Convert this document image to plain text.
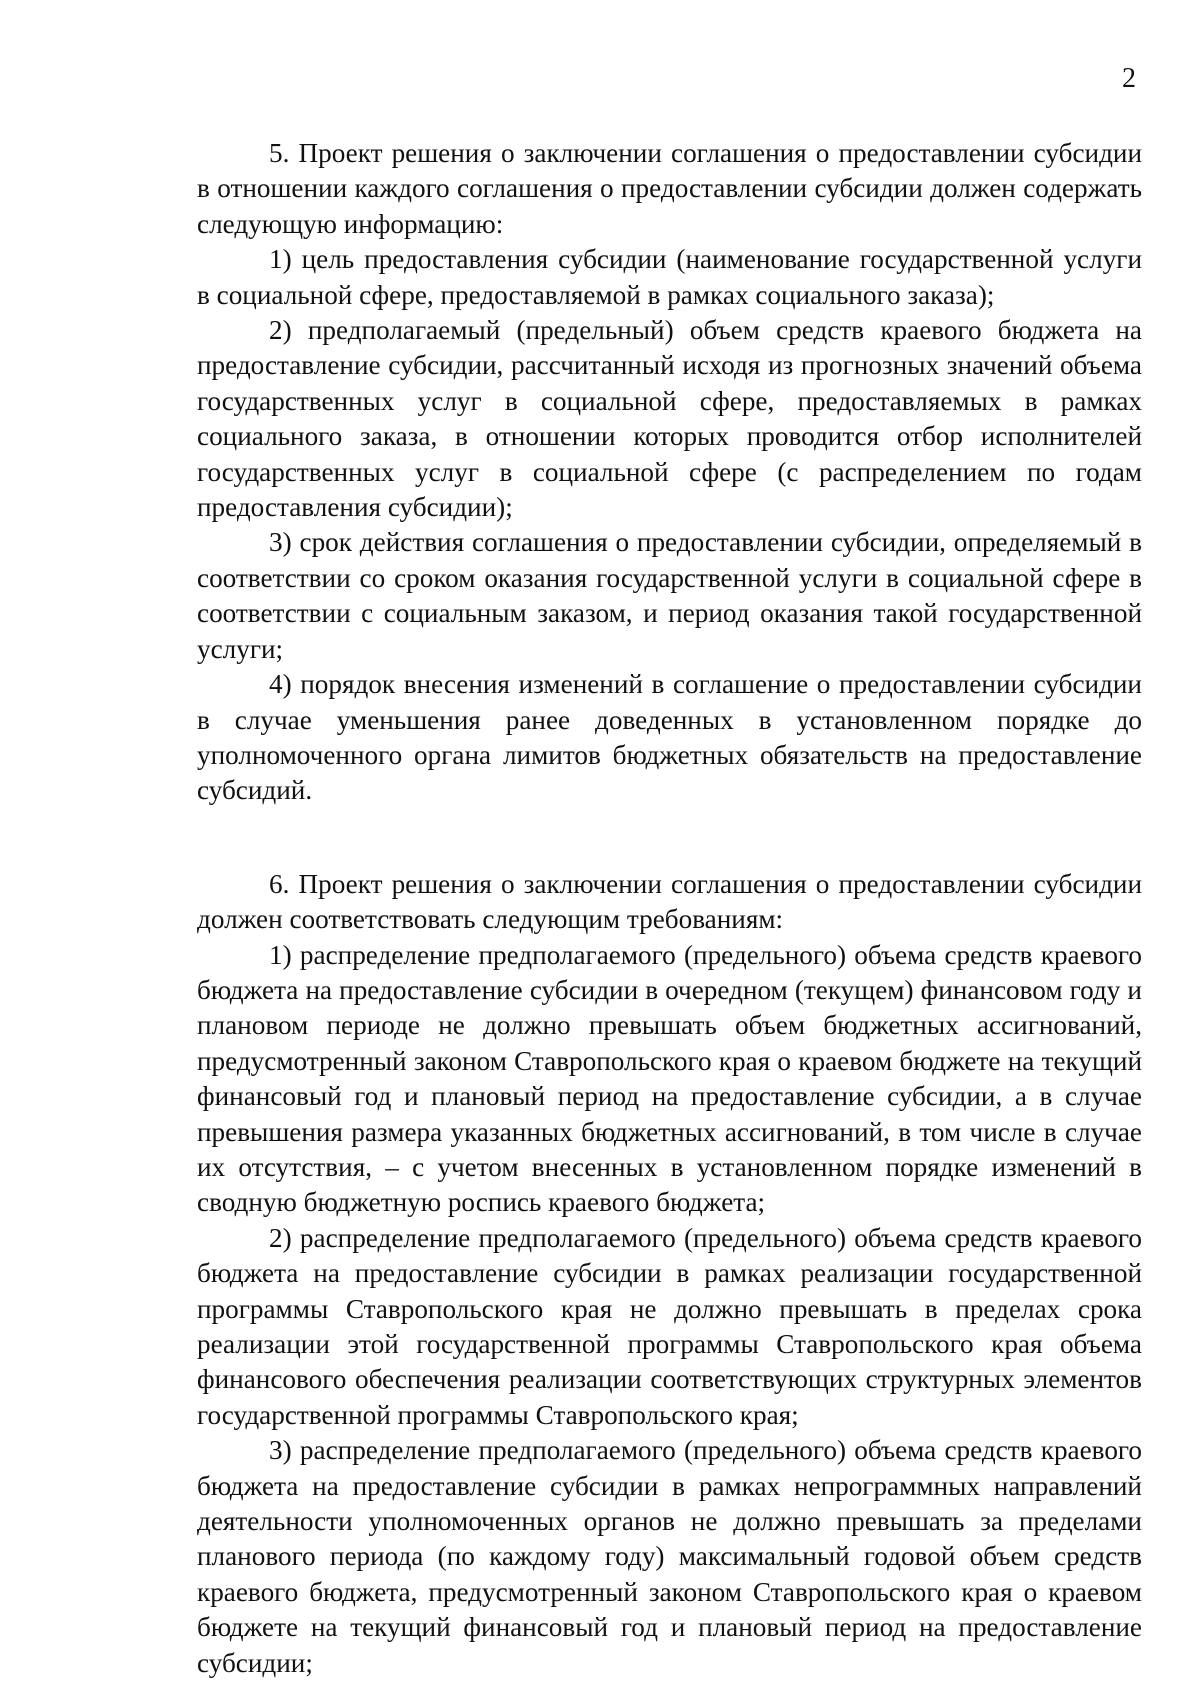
2

5. Проект решения о заключении соглашения о предоставлении субсидии в отношении каждого соглашения о предоставлении субсидии должен содержать следующую информацию:

1) цель предоставления субсидии (наименование государственной услуги в социальной сфере, предоставляемой в рамках социального заказа);

2) предполагаемый (предельный) объем средств краевого бюджета на предоставление субсидии, рассчитанный исходя из прогнозных значений объема государственных услуг в социальной сфере, предоставляемых в рамках социального заказа, в отношении которых проводится отбор исполнителей государственных услуг в социальной сфере (с распределением по годам предоставления субсидии);

3) срок действия соглашения о предоставлении субсидии, определяемый в соответствии со сроком оказания государственной услуги в социальной сфере в соответствии с социальным заказом, и период оказания такой государственной услуги;

4) порядок внесения изменений в соглашение о предоставлении субсидии в случае уменьшения ранее доведенных в установленном порядке до уполномоченного органа лимитов бюджетных обязательств на предоставление субсидий.

6. Проект решения о заключении соглашения о предоставлении субсидии должен соответствовать следующим требованиям:

1) распределение предполагаемого (предельного) объема средств краевого бюджета на предоставление субсидии в очередном (текущем) финансовом году и плановом периоде не должно превышать объем бюджетных ассигнований, предусмотренный законом Ставропольского края о краевом бюджете на текущий финансовый год и плановый период на предоставление субсидии, а в случае превышения размера указанных бюджетных ассигнований, в том числе в случае их отсутствия, – с учетом внесенных в установленном порядке изменений в сводную бюджетную роспись краевого бюджета;

2) распределение предполагаемого (предельного) объема средств краевого бюджета на предоставление субсидии в рамках реализации государственной программы Ставропольского края не должно превышать в пределах срока реализации этой государственной программы Ставропольского края объема финансового обеспечения реализации соответствующих структурных элементов государственной программы Ставропольского края;

3) распределение предполагаемого (предельного) объема средств краевого бюджета на предоставление субсидии в рамках непрограммных направлений деятельности уполномоченных органов не должно превышать за пределами планового периода (по каждому году) максимальный годовой объем средств краевого бюджета, предусмотренный законом Ставропольского края о краевом бюджете на текущий финансовый год и плановый период на предоставление субсидии;
